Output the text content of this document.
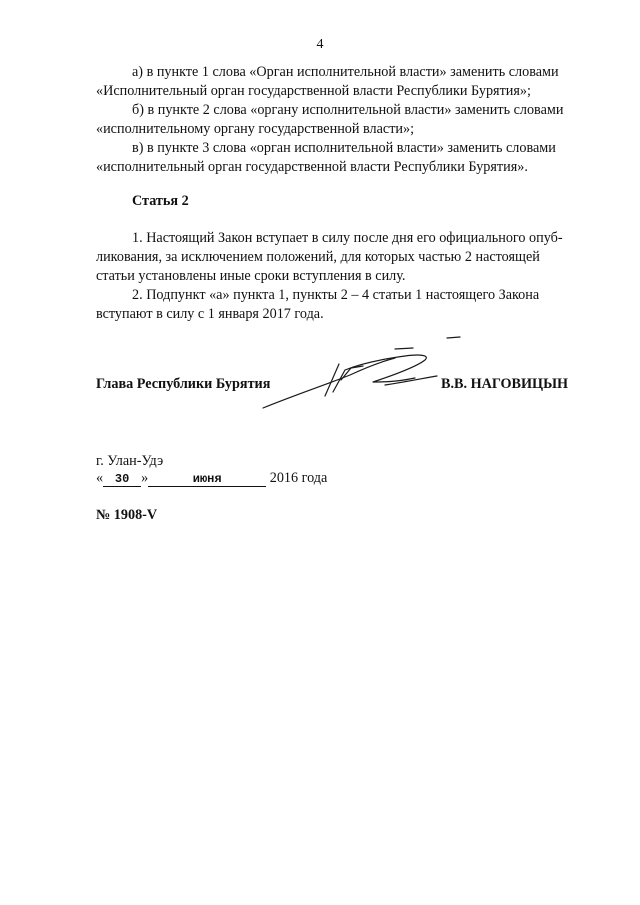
4
а) в пункте 1 слова «Орган исполнительной власти» заменить словами
«Исполнительный орган государственной власти Республики Бурятия»;
б) в пункте 2 слова «органу исполнительной власти» заменить словами
«исполнительному органу государственной власти»;
в) в пункте 3 слова «орган исполнительной власти» заменить словами
«исполнительный орган государственной власти Республики Бурятия».
Статья 2
1. Настоящий Закон вступает в силу после дня его официального опуб-
ликования, за исключением положений, для которых частью 2 настоящей
статьи установлены иные сроки вступления в силу.
2. Подпункт «а» пункта 1, пункты 2 – 4 статьи 1 настоящего Закона
вступают в силу с 1 января 2017 года.
Глава Республики Бурятия	В.В. НАГОВИЦЫН
г. Улан-Удэ
« 30 »	июня	2016 года
№ 1908-V
